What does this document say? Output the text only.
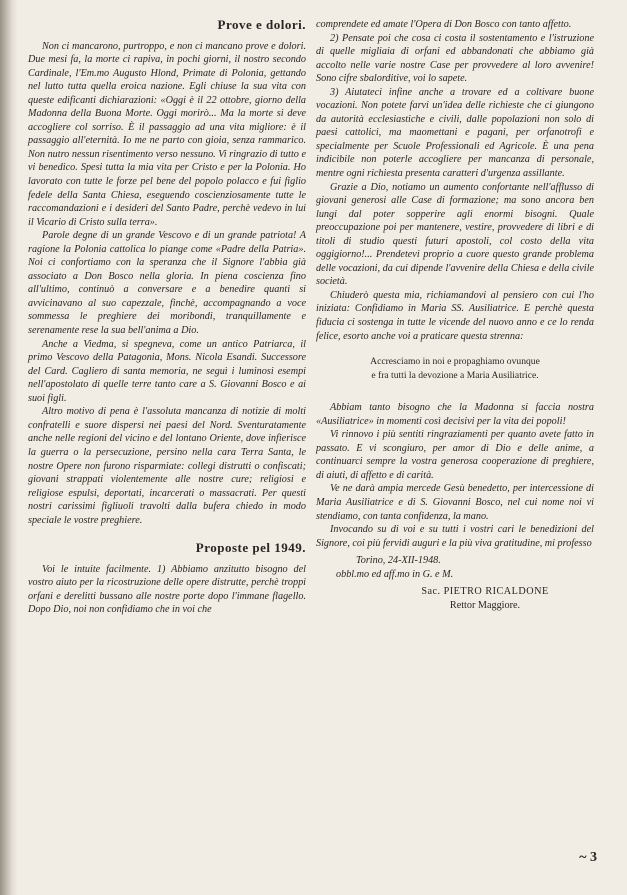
Prove e dolori.

Non ci mancarono, purtroppo, e non ci mancano prove e dolori. Due mesi fa, la morte ci rapiva, in pochi giorni, il nostro secondo Cardinale, l'Em.mo Augusto Hlond, Primate di Polonia, gettando nel lutto tutta quella eroica nazione. Egli chiuse la sua vita con queste edificanti dichiarazioni: «Oggi è il 22 ottobre, giorno della Madonna della Buona Morte. Oggi morirò... Ma la morte si deve accogliere col sorriso. È il passaggio ad una vita migliore: è il passaggio all'eternità. Io me ne parto con gioia, senza rammarico. Non nutro nessun risentimento verso nessuno. Vi ringrazio di tutto e vi benedico. Spesi tutta la mia vita per Cristo e per la Polonia. Ho lavorato con tutte le forze pel bene del popolo polacco e fui figlio fedele della Santa Chiesa, eseguendo coscienziosamente tutte le raccomandazioni e i desideri del Santo Padre, perchè vedevo in lui il Vicario di Cristo sulla terra».

Parole degne di un grande Vescovo e di un grande patriota! A ragione la Polonia cattolica lo piange come «Padre della Patria». Noi ci confortiamo con la speranza che il Signore l'abbia già associato a Don Bosco nella gloria. In piena coscienza fino all'ultimo, continuò a conversare e a benedire quanti si avvicinavano al suo capezzale, finchè, accompagnando a voce sommessa le preghiere dei moribondi, tranquillamente e serenamente rese la sua bell'anima a Dio.

Anche a Viedma, si spegneva, come un antico Patriarca, il primo Vescovo della Patagonia, Mons. Nicola Esandi. Successore del Card. Cagliero di santa memoria, ne seguì i luminosi esempi nell'apostolato di quelle terre tanto care a S. Giovanni Bosco e ai suoi figli.

Altro motivo di pena è l'assoluta mancanza di notizie di molti confratelli e suore dispersi nei paesi del Nord. Sventuratamente anche nelle regioni del vicino e del lontano Oriente, dove infierisce la guerra o la persecuzione, persino nella cara Terra Santa, le nostre Opere non furono risparmiate: collegi distrutti o confiscati; giovani strappati violentemente alle nostre cure; religiosi e religiose espulsi, deportati, incarcerati o massacrati. Per questi nostri carissimi figliuoli travolti dalla bufera chiedo in modo speciale le vostre preghiere.

Proposte pel 1949.

Voi le intuite facilmente. 1) Abbiamo anzitutto bisogno del vostro aiuto per la ricostruzione delle opere distrutte, perchè troppi orfani e derelitti bussano alle nostre porte dopo l'immane flagello. Dopo Dio, noi non confidiamo che in voi che

comprendete ed amate l'Opera di Don Bosco con tanto affetto.

2) Pensate poi che cosa ci costa il sostentamento e l'istruzione di quelle migliaia di orfani ed abbandonati che abbiamo già accolto nelle varie nostre Case per provvedere al loro avvenire! Sono cifre sbalorditive, voi lo sapete.

3) Aiutateci infine anche a trovare ed a coltivare buone vocazioni. Non potete farvi un'idea delle richieste che ci giungono da autorità ecclesiastiche e civili, dalle popolazioni non solo di paesi cattolici, ma maomettani e pagani, per orfanotrofi e specialmente per Scuole Professionali ed Agricole. È una pena indicibile non poterle accogliere per mancanza di personale, mentre ogni richiesta presenta caratteri d'urgenza assillante.

Grazie a Dio, notiamo un aumento confortante nell'afflusso di giovani generosi alle Case di formazione; ma sono ancora ben lungi dal poter sopperire agli enormi bisogni. Quale preoccupazione poi per mantenere, vestire, provvedere di libri e di titoli di studio questi futuri apostoli, col costo della vita oggigiorno!... Prendetevi proprio a cuore questo grande problema delle vocazioni, da cui dipende l'avvenire della Chiesa e della civile società.

Chiuderò questa mia, richiamandovi al pensiero con cui l'ho iniziata: Confidiamo in Maria SS. Ausiliatrice. E perchè questa fiducia ci sostenga in tutte le vicende del nuovo anno e ce lo renda felice, esorto anche voi a praticare questa strenna:

Accresciamo in noi e propaghiamo ovunque
e fra tutti la devozione a Maria Ausiliatrice.

Abbiam tanto bisogno che la Madonna si faccia nostra «Ausiliatrice» in momenti così decisivi per la vita dei popoli!

Vi rinnovo i più sentiti ringraziamenti per quanto avete fatto in passato. E vi scongiuro, per amor di Dio e delle anime, a continuarci sempre la vostra generosa cooperazione di preghiere, di aiuti, di affetto e di carità.

Ve ne darà ampia mercede Gesù benedetto, per intercessione di Maria Ausiliatrice e di S. Giovanni Bosco, nel cui nome noi vi stendiamo, con tanta confidenza, la mano.

Invocando su di voi e su tutti i vostri cari le benedizioni del Signore, coi più fervidi auguri e la più viva gratitudine, mi professo

Torino, 24-XII-1948.
obbl.mo ed aff.mo in G. e M.
Sac. PIETRO RICALDONE
Rettor Maggiore.
~ 3
